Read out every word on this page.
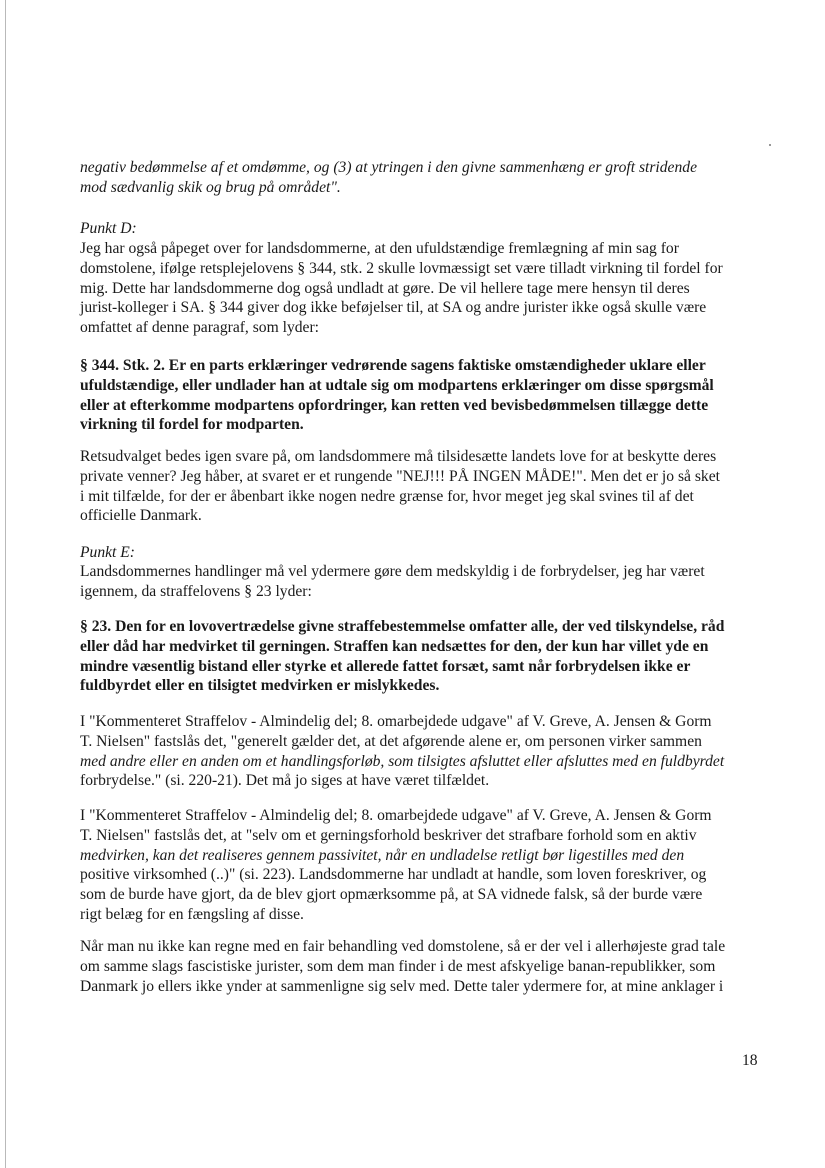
negativ bedømmelse af et omdømme, og (3) at ytringen i den givne sammenhæng er groft stridende

mod sædvanlig skik og brug på området".

Punkt D:

Jeg har også påpeget over for landsdommerne, at den ufuldstændige fremlægning af min sag for

domstolene, ifølge retsplejelovens § 344, stk. 2 skulle lovmæssigt set være tilladt virkning til fordel for

mig. Dette har landsdommerne dog også undladt at gøre. De vil hellere tage mere hensyn til deres

jurist-kolleger i SA. § 344 giver dog ikke beføjelser til, at SA og andre jurister ikke også skulle være

omfattet af denne paragraf, som lyder:

§ 344. Stk. 2. Er en parts erklæringer vedrørende sagens faktiske omstændigheder uklare eller

ufuldstændige, eller undlader han at udtale sig om modpartens erklæringer om disse spørgsmål

eller at efterkomme modpartens opfordringer, kan retten ved bevisbedømmelsen tillægge dette

virkning til fordel for modparten.

Retsudvalget bedes igen svare på, om landsdommere må tilsidesætte landets love for at beskytte deres

private venner? Jeg håber, at svaret er et rungende "NEJ!!! PÅ INGEN MÅDE!". Men det er jo så sket

i mit tilfælde, for der er åbenbart ikke nogen nedre grænse for, hvor meget jeg skal svines til af det

officielle Danmark.

Punkt E:

Landsdommernes handlinger må vel ydermere gøre dem medskyldig i de forbrydelser, jeg har været

igennem, da straffelovens § 23 lyder:

§ 23. Den for en lovovertrædelse givne straffebestemmelse omfatter alle, der ved tilskyndelse, råd

eller dåd har medvirket til gerningen. Straffen kan nedsættes for den, der kun har villet yde en

mindre væsentlig bistand eller styrke et allerede fattet forsæt, samt når forbrydelsen ikke er

fuldbyrdet eller en tilsigtet medvirken er mislykkedes.

I "Kommenteret Straffelov - Almindelig del; 8. omarbejdede udgave" af V. Greve, A. Jensen & Gorm

T. Nielsen" fastslås det, "generelt gælder det, at det afgørende alene er, om personen virker sammen

med andre eller en anden om et handlingsforløb, som tilsigtes afsluttet eller afsluttes med en fuldbyrdet

forbrydelse." (si. 220-21). Det må jo siges at have været tilfældet.

I "Kommenteret Straffelov - Almindelig del; 8. omarbejdede udgave" af V. Greve, A. Jensen & Gorm

T. Nielsen" fastslås det, at "selv om et gerningsforhold beskriver det strafbare forhold som en aktiv

medvirken, kan det realiseres gennem passivitet, når en undladelse retligt bør ligestilles med den

positive virksomhed (..)" (si. 223). Landsdommerne har undladt at handle, som loven foreskriver, og

som de burde have gjort, da de blev gjort opmærksomme på, at SA vidnede falsk, så der burde være

rigt belæg for en fængsling af disse.

Når man nu ikke kan regne med en fair behandling ved domstolene, så er der vel i allerhøjeste grad tale

om samme slags fascistiske jurister, som dem man finder i de mest afskyelige banan-republikker, som

Danmark jo ellers ikke ynder at sammenligne sig selv med. Dette taler ydermere for, at mine anklager i

18
